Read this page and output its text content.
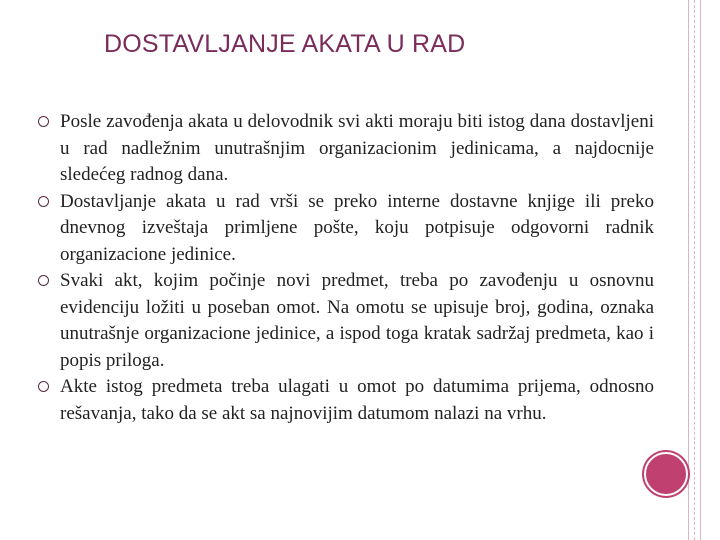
DOSTAVLJANJE AKATA U RAD
Posle zavođenja akata u delovodnik svi akti moraju biti istog dana dostavljeni u rad nadležnim unutrašnjim organizacionim jedinicama, a najdocnije sledećeg radnog dana.
Dostavljanje akata u rad vrši se preko interne dostavne knjige ili preko dnevnog izveštaja primljene pošte, koju potpisuje odgovorni radnik organizacione jedinice.
Svaki akt, kojim počinje novi predmet, treba po zavođenju u osnovnu evidenciju ložiti u poseban omot. Na omotu se upisuje broj, godina, oznaka unutrašnje organizacione jedinice, a ispod toga kratak sadržaj predmeta, kao i popis priloga.
Akte istog predmeta treba ulagati u omot po datumima prijema, odnosno rešavanja, tako da se akt sa najnovijim datumom nalazi na vrhu.
